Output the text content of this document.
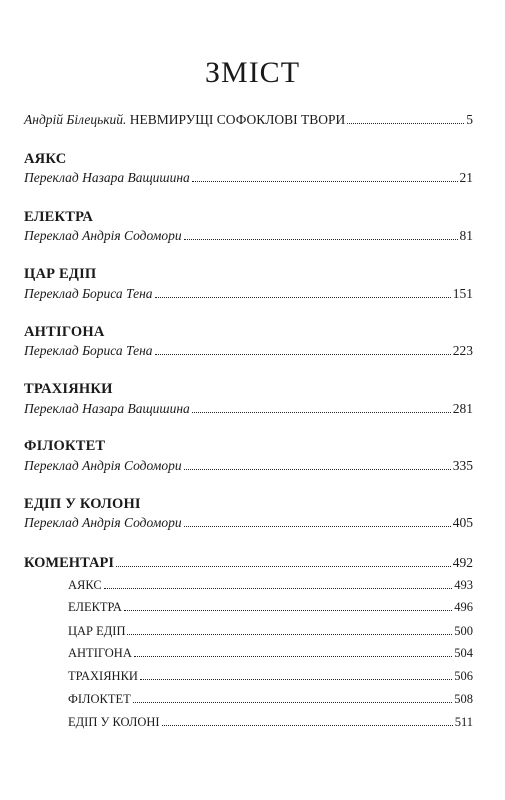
ЗМІСТ
Андрій Білецький.
НЕВМИРУЩІ СОФОКЛОВІ ТВОРИ	5
АЯКС
Переклад Назара Ващишина	21
ЕЛЕКТРА
Переклад Андрія Содомори	81
ЦАР ЕДІП
Переклад Бориса Тена	151
АНТІГОНА
Переклад Бориса Тена	223
ТРАХІЯНКИ
Переклад Назара Ващишина	281
ФІЛОКТЕТ
Переклад Андрія Содомори	335
ЕДІП У КОЛОНІ
Переклад Андрія Содомори	405
КОМЕНТАРІ	492
АЯКС	493
ЕЛЕКТРА	496
ЦАР ЕДІП	500
АНТІГОНА	504
ТРАХІЯНКИ	506
ФІЛОКТЕТ	508
ЕДІП У КОЛОНІ	511
